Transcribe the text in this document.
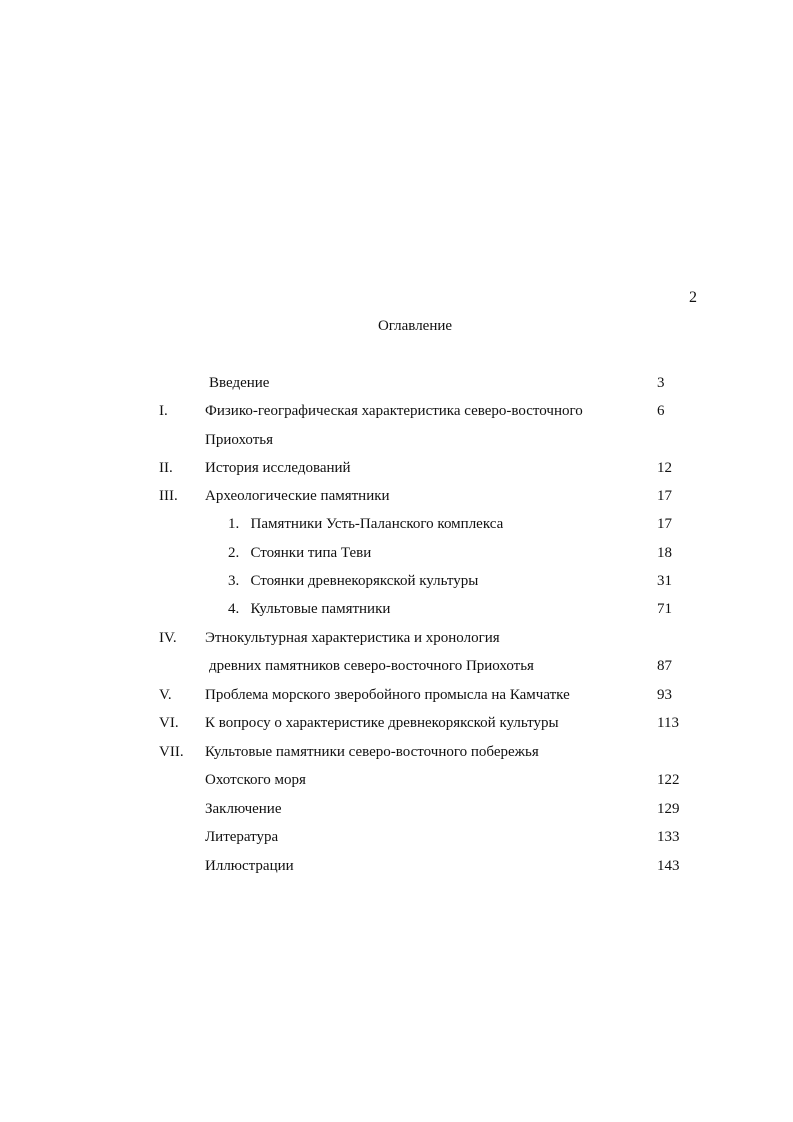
2
Оглавление
Введение	3
I. Физико-географическая характеристика северо-восточного	6
Приохотья
II. История исследований	12
III. Археологические памятники	17
1.   Памятники Усть-Паланского комплекса	17
2.   Стоянки типа Теви	18
3.   Стоянки древнекорякской культуры	31
4.   Культовые памятники	71
IV. Этнокультурная характеристика и хронология
древних памятников северо-восточного Приохотья	87
V. Проблема морского зверобойного промысла на Камчатке	93
VI. К вопросу о характеристике древнекорякской культуры	113
VII. Культовые памятники северо-восточного побережья
Охотского моря	122
Заключение	129
Литература	133
Иллюстрации	143
